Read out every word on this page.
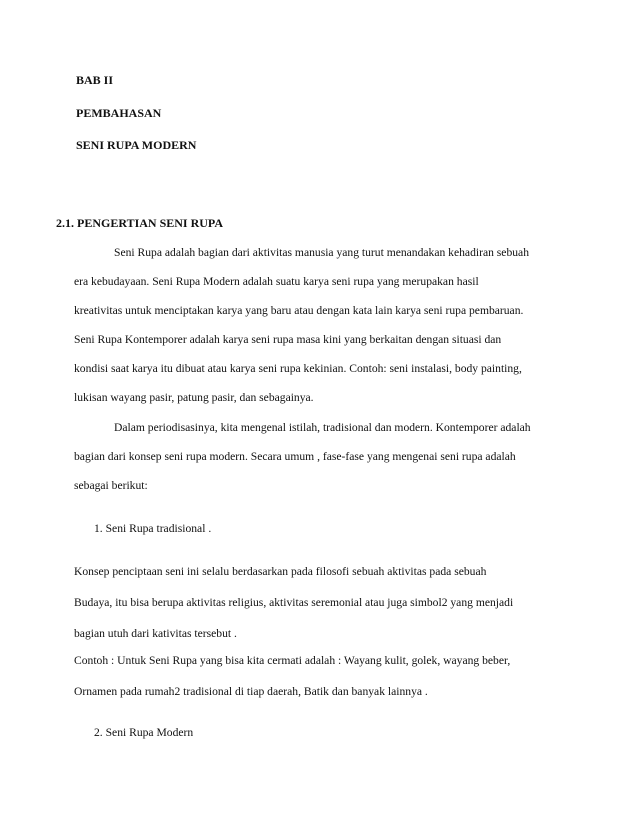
BAB II
PEMBAHASAN
SENI RUPA MODERN
2.1. PENGERTIAN SENI RUPA
Seni Rupa adalah bagian dari aktivitas manusia yang turut menandakan kehadiran sebuah
era kebudayaan. Seni Rupa Modern adalah suatu karya seni rupa yang merupakan hasil
kreativitas untuk menciptakan karya yang baru atau dengan kata lain karya seni rupa pembaruan.
Seni Rupa Kontemporer adalah karya seni rupa masa kini yang berkaitan dengan situasi dan
kondisi saat karya itu dibuat atau karya seni rupa kekinian. Contoh: seni instalasi, body painting,
lukisan wayang pasir, patung pasir, dan sebagainya.
Dalam periodisasinya, kita mengenal istilah, tradisional dan modern. Kontemporer adalah
bagian dari konsep seni rupa modern. Secara umum , fase-fase yang mengenai seni rupa adalah
sebagai berikut:
1. Seni Rupa tradisional .
Konsep penciptaan seni ini selalu berdasarkan pada filosofi sebuah aktivitas pada sebuah
Budaya, itu bisa berupa aktivitas religius, aktivitas seremonial atau juga simbol2 yang menjadi
bagian utuh dari kativitas tersebut .
Contoh : Untuk Seni Rupa yang bisa kita cermati adalah : Wayang kulit, golek, wayang beber,
Ornamen pada rumah2 tradisional di tiap daerah, Batik dan banyak lainnya .
2. Seni Rupa Modern
